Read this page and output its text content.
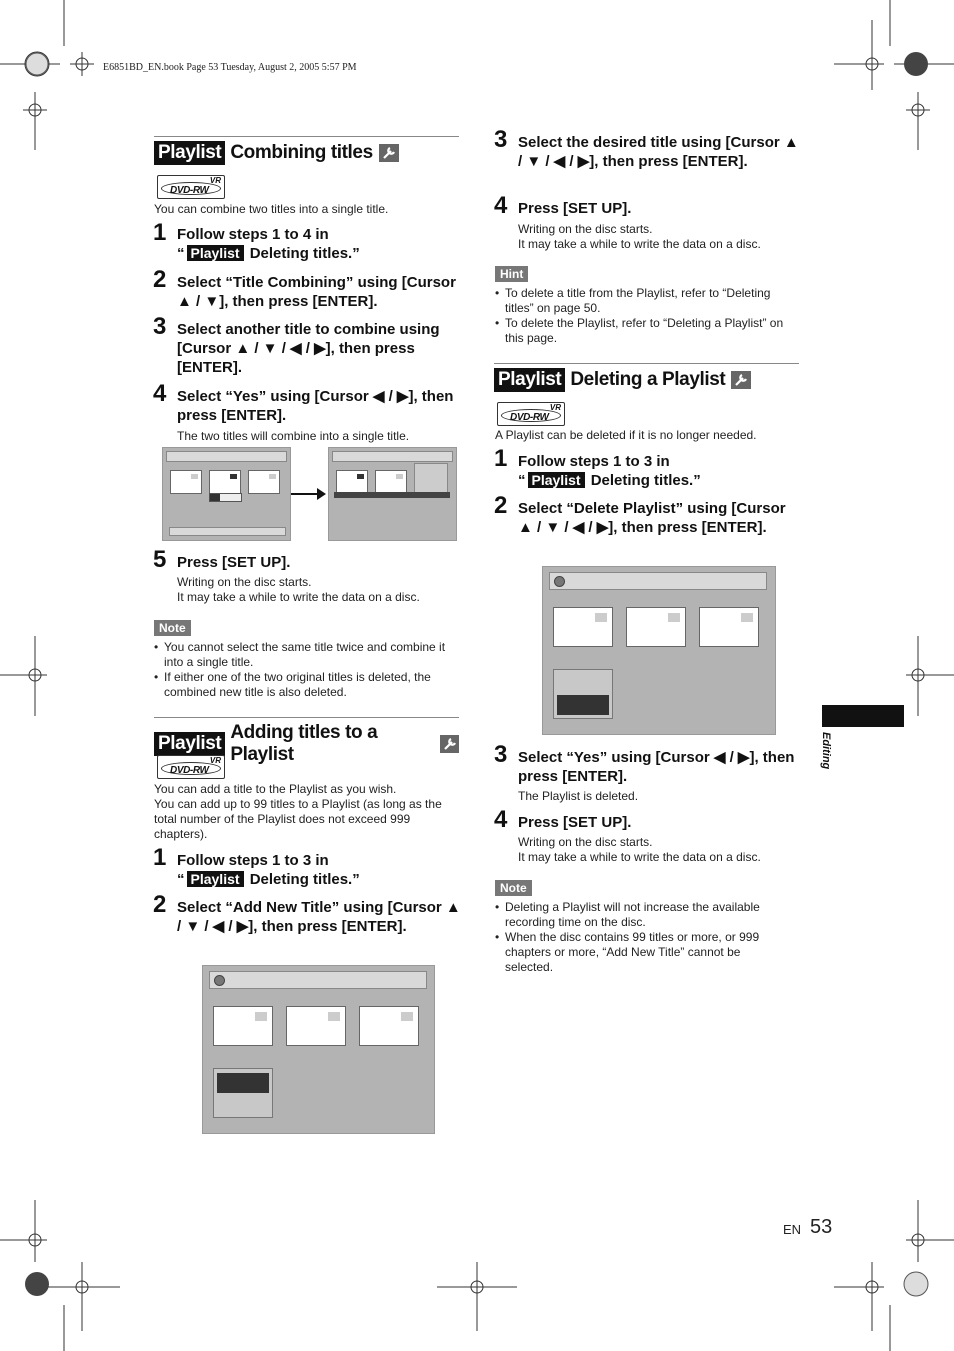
E6851BD_EN.book Page 53 Tuesday, August 2, 2005 5:57 PM
Playlist Combining titles
VR
DVD-RW
You can combine two titles into a single title.
1 Follow steps 1 to 4 in
“ Playlist Deleting titles.”
2 Select “Title Combining” using [Cursor ▲ / ▼], then press [ENTER].
3 Select another title to combine using [Cursor ▲ / ▼ / ◀ / ▶], then press [ENTER].
4 Select “Yes” using [Cursor ◀ / ▶], then press [ENTER].
The two titles will combine into a single title.
5 Press [SET UP].
Writing on the disc starts.
It may take a while to write the data on a disc.
Note
• You cannot select the same title twice and combine it into a single title.
• If either one of the two original titles is deleted, the combined new title is also deleted.
Playlist
Adding titles to a Playlist
VR
DVD-RW
You can add a title to the Playlist as you wish.
You can add up to 99 titles to a Playlist (as long as the total number of the Playlist does not exceed 999 chapters).
1 Follow steps 1 to 3 in
“ Playlist Deleting titles.”
2 Select “Add New Title” using [Cursor ▲ / ▼ / ◀ / ▶], then press [ENTER].
3 Select the desired title using [Cursor ▲ / ▼ / ◀ / ▶], then press [ENTER].
4 Press [SET UP].
Writing on the disc starts.
It may take a while to write the data on a disc.
Hint
• To delete a title from the Playlist, refer to “Deleting titles” on page 50.
• To delete the Playlist, refer to “Deleting a Playlist” on this page.
Playlist Deleting a Playlist
VR
DVD-RW
A Playlist can be deleted if it is no longer needed.
1 Follow steps 1 to 3 in
“ Playlist Deleting titles.”
2 Select “Delete Playlist” using [Cursor ▲ / ▼ / ◀ / ▶], then press [ENTER].
3 Select “Yes” using [Cursor ◀ / ▶], then press [ENTER].
The Playlist is deleted.
4 Press [SET UP].
Writing on the disc starts.
It may take a while to write the data on a disc.
Note
• Deleting a Playlist will not increase the available recording time on the disc.
• When the disc contains 99 titles or more, or 999 chapters or more, “Add New Title” cannot be selected.
Editing
EN 53
